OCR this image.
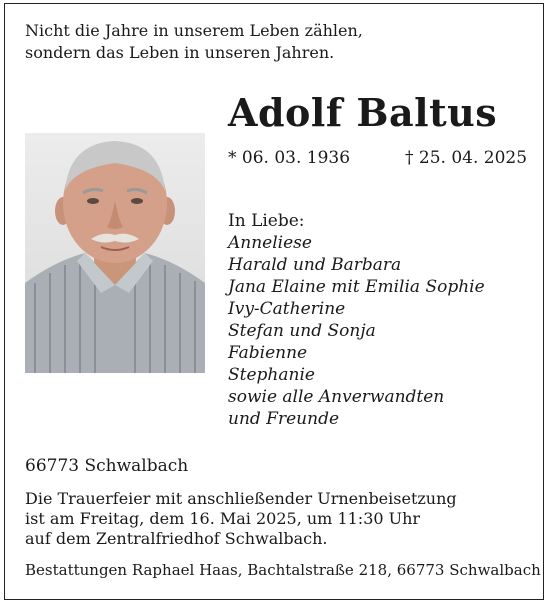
Nicht die Jahre in unserem Leben zählen,
sondern das Leben in unseren Jahren.
Adolf Baltus
* 06. 03. 1936	† 25. 04. 2025
In Liebe:
Anneliese
Harald und Barbara
Jana Elaine mit Emilia Sophie
Ivy-Catherine
Stefan und Sonja
Fabienne
Stephanie
sowie alle Anverwandten
und Freunde
66773 Schwalbach
Die Trauerfeier mit anschließender Urnenbeisetzung
ist am Freitag, dem 16. Mai 2025, um 11:30 Uhr
auf dem Zentralfriedhof Schwalbach.
Bestattungen Raphael Haas, Bachtalstraße 218, 66773 Schwalbach
